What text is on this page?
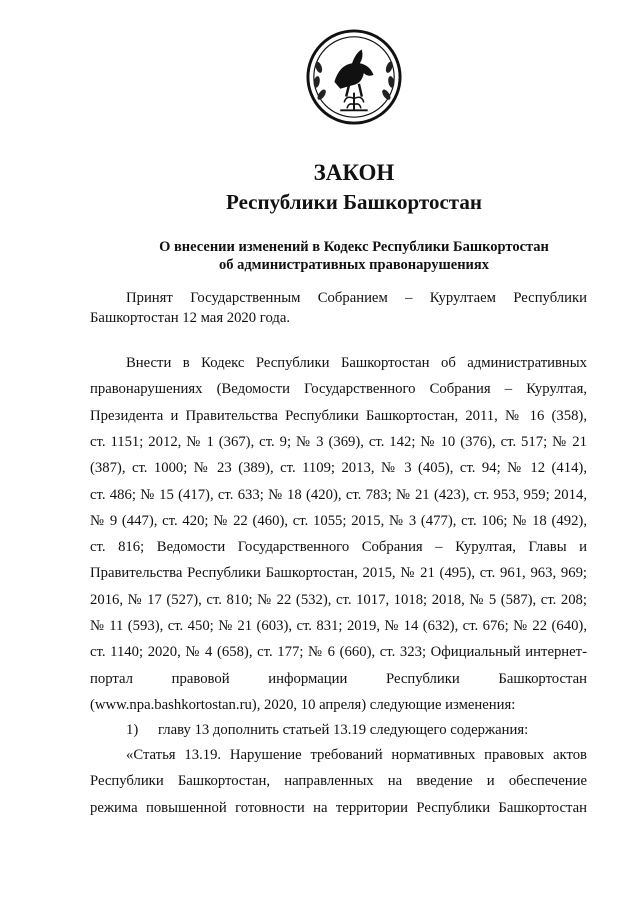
ЗАКОН
Республики Башкортостан
О внесении изменений в Кодекс Республики Башкортостан
об административных правонарушениях
Принят Государственным Собранием – Курултаем Республики Башкортостан 12 мая 2020 года.
Внести в Кодекс Республики Башкортостан об административных
правонарушениях (Ведомости Государственного Собрания – Курултая,
Президента и Правительства Республики Башкортостан, 2011, № 16 (358),
ст. 1151; 2012, № 1 (367), ст. 9; № 3 (369), ст. 142; № 10 (376), ст. 517; № 21
(387), ст. 1000; № 23 (389), ст. 1109; 2013, № 3 (405), ст. 94; № 12 (414),
ст. 486; № 15 (417), ст. 633; № 18 (420), ст. 783; № 21 (423), ст. 953, 959; 2014,
№ 9 (447), ст. 420; № 22 (460), ст. 1055; 2015, № 3 (477), ст. 106; № 18 (492),
ст. 816; Ведомости Государственного Собрания – Курултая, Главы и
Правительства Республики Башкортостан, 2015, № 21 (495), ст. 961, 963, 969;
2016, № 17 (527), ст. 810; № 22 (532), ст. 1017, 1018; 2018, № 5 (587), ст. 208;
№ 11 (593), ст. 450; № 21 (603), ст. 831; 2019, № 14 (632), ст. 676; № 22 (640),
ст. 1140; 2020, № 4 (658), ст. 177; № 6 (660), ст. 323; Официальный интернет-
портал правовой информации Республики Башкортостан
(www.npa.bashkortostan.ru), 2020, 10 апреля) следующие изменения:
1) главу 13 дополнить статьей 13.19 следующего содержания:
«Статья 13.19. Нарушение требований нормативных правовых актов
Республики Башкортостан, направленных на введение и обеспечение
режима повышенной готовности на территории Республики Башкортостан
